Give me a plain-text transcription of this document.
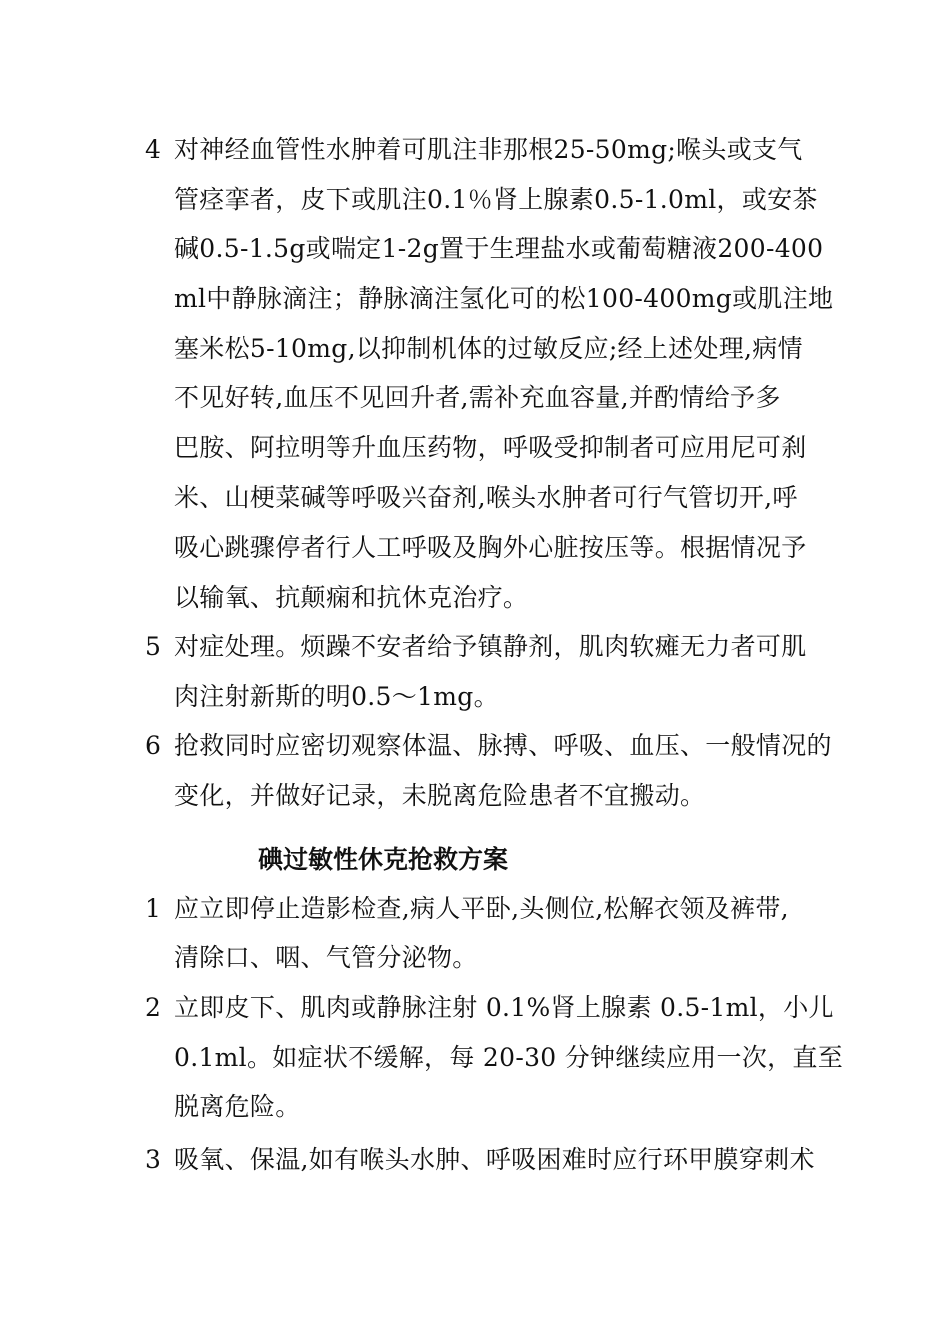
4 对神经血管性水肿着可肌注非那根25-50mg;喉头或支气
管痉挛者，皮下或肌注0.1％肾上腺素0.5-1.0ml，或安茶
碱0.5-1.5g或喘定1-2g置于生理盐水或葡萄糖液200-400
ml中静脉滴注；静脉滴注氢化可的松100-400mg或肌注地
塞米松5-10mg,以抑制机体的过敏反应;经上述处理,病情
不见好转,血压不见回升者,需补充血容量,并酌情给予多
巴胺、阿拉明等升血压药物，呼吸受抑制者可应用尼可刹
米、山梗菜碱等呼吸兴奋剂,喉头水肿者可行气管切开,呼
吸心跳骤停者行人工呼吸及胸外心脏按压等。根据情况予
以输氧、抗颠痫和抗休克治疗。
5 对症处理。烦躁不安者给予镇静剂，肌肉软瘫无力者可肌
肉注射新斯的明0.5～1mg。
6 抢救同时应密切观察体温、脉搏、呼吸、血压、一般情况的
变化，并做好记录，未脱离危险患者不宜搬动。
碘过敏性休克抢救方案
1 应立即停止造影检查,病人平卧,头侧位,松解衣领及裤带,
清除口、咽、气管分泌物。
2 立即皮下、肌肉或静脉注射 0.1%肾上腺素 0.5-1ml，小儿
0.1ml。如症状不缓解，每 20-30 分钟继续应用一次，直至
脱离危险。
3 吸氧、保温,如有喉头水肿、呼吸困难时应行环甲膜穿刺术
